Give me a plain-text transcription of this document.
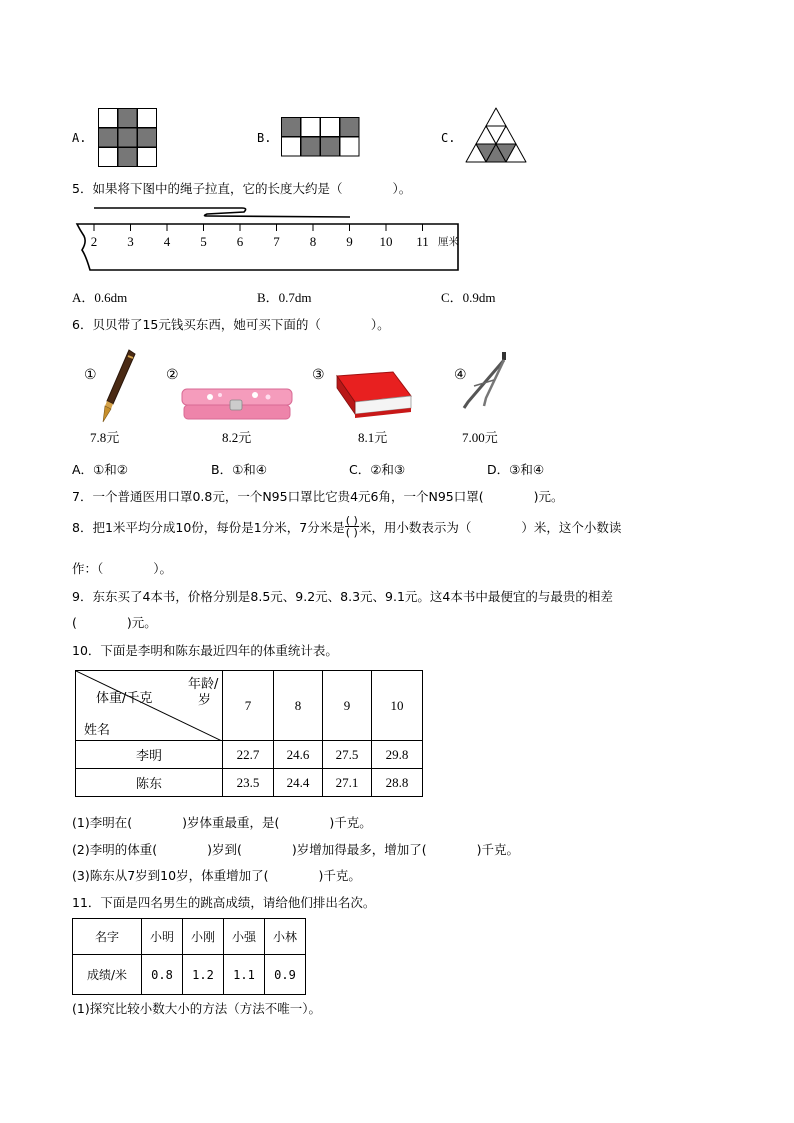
A.	B.	C.
5．如果将下图中的绳子拉直，它的长度大约是（　　　　）。
2 3 4 5 6 7 8 9 10 11 厘米
A．0.6dm	B．0.7dm	C．0.9dm
6．贝贝带了15元钱买东西，她可买下面的（　　　　）。
①
7.8元
②
8.2元
③
8.1元
④
7.00元
A．①和②	B．①和④	C．②和③	D．③和④
7．一个普通医用口罩0.8元，一个N95口罩比它贵4元6角，一个N95口罩(　　　　)元。
8．把1米平均分成10份，每份是1分米，7分米是 $\frac{( )}{( )}$ 米，用小数表示为（　　　　）米，这个小数读
作：（　　　　）。
9．东东买了4本书，价格分别是8.5元、9.2元、8.3元、9.1元。这4本书中最便宜的与最贵的相差
(　　　　)元。
10．下面是李明和陈东最近四年的体重统计表。
年龄/
岁
体重/千克
姓名	7	8	9	10
李明	22.7	24.6	27.5	29.8
陈东	23.5	24.4	27.1	28.8
(1)李明在(　　　　)岁体重最重，是(　　　　)千克。
(2)李明的体重(　　　　)岁到(　　　　)岁增加得最多，增加了(　　　　)千克。
(3)陈东从7岁到10岁，体重增加了(　　　　)千克。
11．下面是四名男生的跳高成绩，请给他们排出名次。
名字	小明	小刚	小强	小林
成绩/米	0.8	1.2	1.1	0.9
(1)探究比较小数大小的方法（方法不唯一）。
